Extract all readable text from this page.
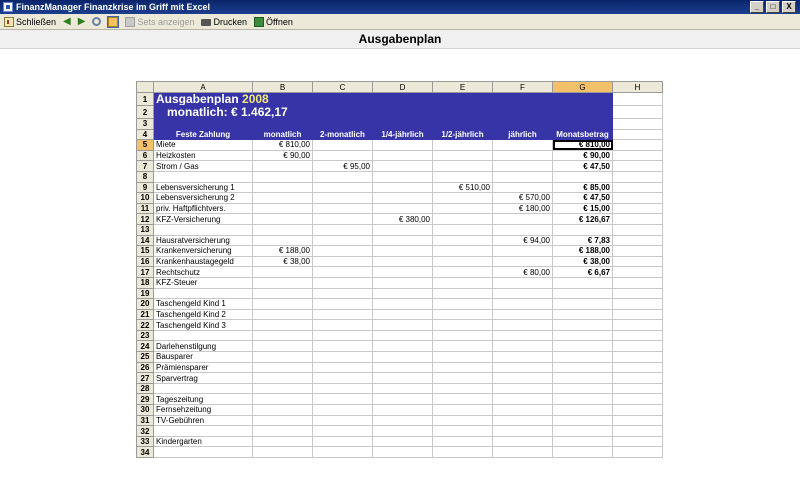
FinanzManager Finanzkrise im Griff mit Excel	_	□	X
Schließen ◀ ▶	Sets anzeigen Drucken Öffnen
Ausgabenplan
	A	B	C	D	E	F	G	H
1	Ausgabenplan 2008							
2	monatlich: € 1.462,17							
3								
4	Feste Zahlung	monatlich	2-monatlich	1/4-jährlich	1/2-jährlich	jährlich	Monatsbetrag	
5	Miete	€ 810,00					€ 810,00	
6	Heizkosten	€ 90,00					€ 90,00	
7	Strom / Gas		€ 95,00				€ 47,50	
8								
9	Lebensversicherung 1				€ 510,00		€ 85,00	
10	Lebensversicherung 2					€ 570,00	€ 47,50	
11	priv. Haftpflichtvers.					€ 180,00	€ 15,00	
12	KFZ-Versicherung			€ 380,00			€ 126,67	
13								
14	Hausratversicherung					€ 94,00	€ 7,83	
15	Krankenversicherung	€ 188,00					€ 188,00	
16	Krankenhaustagegeld	€ 38,00					€ 38,00	
17	Rechtschutz					€ 80,00	€ 6,67	
18	KFZ-Steuer							
19								
20	Taschengeld Kind 1							
21	Taschengeld Kind 2							
22	Taschengeld Kind 3							
23								
24	Darlehenstilgung							
25	Bausparer							
26	Prämiensparer							
27	Sparvertrag							
28								
29	Tageszeitung							
30	Fernsehzeitung							
31	TV-Gebühren							
32								
33	Kindergarten							
34								
